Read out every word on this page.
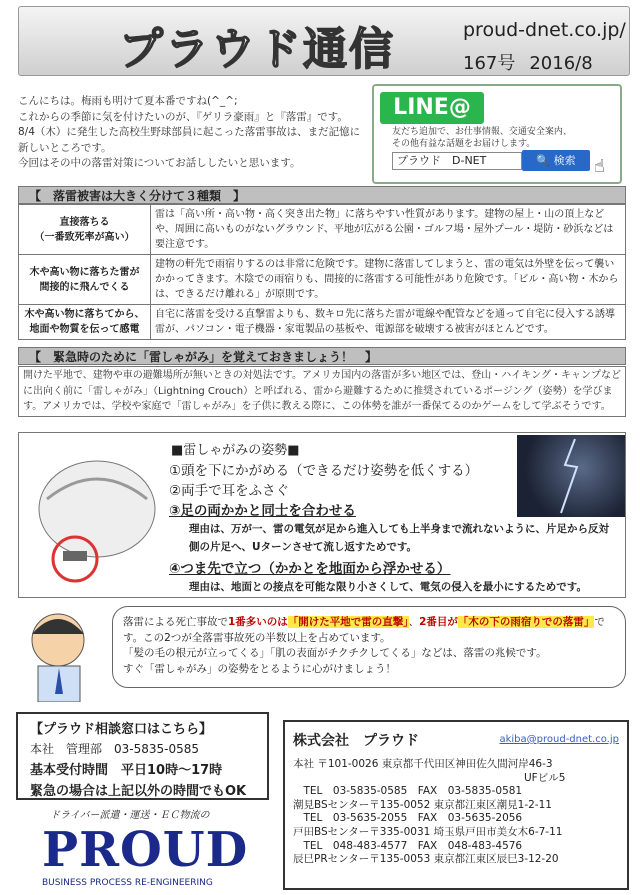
プラウド通信	proud-dnet.co.jp/
167号 2016/8
こんにちは。梅雨も明けて夏本番ですね(^_^;
これからの季節に気を付けたいのが、『ゲリラ豪雨』と『落雷』です。8/4（木）に発生した高校生野球部員に起こった落雷事故は、まだ記憶に新しいところです。
今回はその中の落雷対策についてお話ししたいと思います。
LINE@
友だち追加で、お仕事情報、交通安全案内、その他有益な話題をお届けします。
プラウド　D-NET	🔍 検索	☝
【　落雷被害は大きく分けて３種類　】
直接落ちる
（一番致死率が高い）	雷は「高い所・高い物・高く突き出た物」に落ちやすい性質があります。建物の屋上・山の頂上などや、周囲に高いものがないグラウンド、平地が広がる公園・ゴルフ場・屋外プール・堤防・砂浜などは要注意です。
木や高い物に落ちた雷が
間接的に飛んでくる	建物の軒先で雨宿りするのは非常に危険です。建物に落雷してしまうと、雷の電気は外壁を伝って襲いかかってきます。木陰での雨宿りも、間接的に落雷する可能性があり危険です。「ビル・高い物・木からは、できるだけ離れる」が原則です。
木や高い物に落ちてから、
地面や物質を伝って感電	自宅に落雷を受ける直撃雷よりも、数キロ先に落ちた雷が電線や配管などを通って自宅に侵入する誘導雷が、パソコン・電子機器・家電製品の基板や、電源部を破壊する被害がほとんどです。
【　緊急時のために「雷しゃがみ」を覚えておきましょう！　】
開けた平地で、建物や車の避難場所が無いときの対処法です。アメリカ国内の落雷が多い地区では、登山・ハイキング・キャンプなどに出向く前に「雷しゃがみ」（Lightning Crouch）と呼ばれる、雷から避難するために推奨されているポージング（姿勢）を学びます。アメリカでは、学校や家庭で「雷しゃがみ」を子供に教える際に、この体勢を誰が一番保てるのかゲームをして学ぶそうです。
■雷しゃがみの姿勢■
①頭を下にかがめる（できるだけ姿勢を低くする）
②両手で耳をふさぐ
③足の両かかと同士を合わせる
理由は、万が一、雷の電気が足から進入しても上半身まで流れないように、片足から反対
側の片足へ、Uターンさせて流し返すためです。
④つま先で立つ（かかとを地面から浮かせる）
理由は、地面との接点を可能な限り小さくして、電気の侵入を最小にするためです。
落雷による死亡事故で1番多いのは「開けた平地で雷の直撃」、2番目が「木の下の雨宿りでの落雷」です。この2つが全落雷事故死の半数以上を占めています。
「髪の毛の根元が立ってくる」「肌の表面がチクチクしてくる」などは、落雷の兆候です。
すぐ「雷しゃがみ」の姿勢をとるように心がけましょう！
【プラウド相談窓口はこちら】
本社　管理部　 03-5835-0585
基本受付時間　平日10時～17時
緊急の場合は上記以外の時間でもOK
ドライバー派遣・運送・ＥＣ物流の
PROUD
BUSINESS PROCESS RE-ENGINEERING
株式会社　プラウド	akiba@proud-dnet.co.jp
本社 〒101-0026 東京都千代田区神田佐久間河岸46-3
　　　　　　　　　　　　　　　　　　　　　　UFビル5
　TEL　03-5835-0585　FAX　03-5835-0581
潮見BSセンター〒135-0052 東京都江東区潮見1-2-11
　TEL　03-5635-2055　FAX　03-5635-2056
戸田BSセンター〒335-0031 埼玉県戸田市美女木6-7-11
　TEL　048-483-4577　FAX　048-483-4576
辰巳PRセンター〒135-0053 東京都江東区辰巳3-12-20
